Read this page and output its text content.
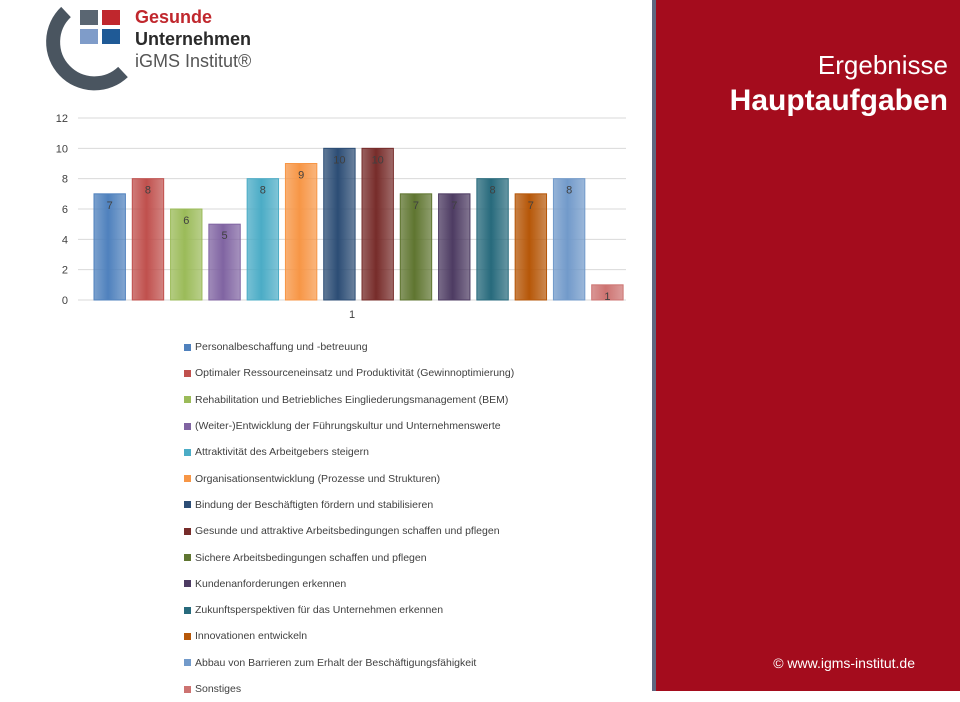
Gesunde
Unternehmen
iGMS Institut®
0
2
4
6
8
10
12
7
8
6
5
8
9
10 10
7	7
8
7
8
1
1
Personalbeschaffung und -betreuung
Optimaler Ressourceneinsatz und Produktivität (Gewinnoptimierung)
Rehabilitation und Betriebliches Eingliederungsmanagement (BEM)
(Weiter-)Entwicklung der Führungskultur und Unternehmenswerte
Attraktivität des Arbeitgebers steigern
Organisationsentwicklung (Prozesse und Strukturen)
Bindung der Beschäftigten fördern und stabilisieren
Gesunde und attraktive Arbeitsbedingungen schaffen und pflegen
Sichere Arbeitsbedingungen schaffen und pflegen
Kundenanforderungen erkennen
Zukunftsperspektiven für das Unternehmen erkennen
Innovationen entwickeln
Abbau von Barrieren zum Erhalt der Beschäftigungsfähigkeit
Sonstiges
Ergebnisse
Hauptaufgaben
© www.igms-institut.de
